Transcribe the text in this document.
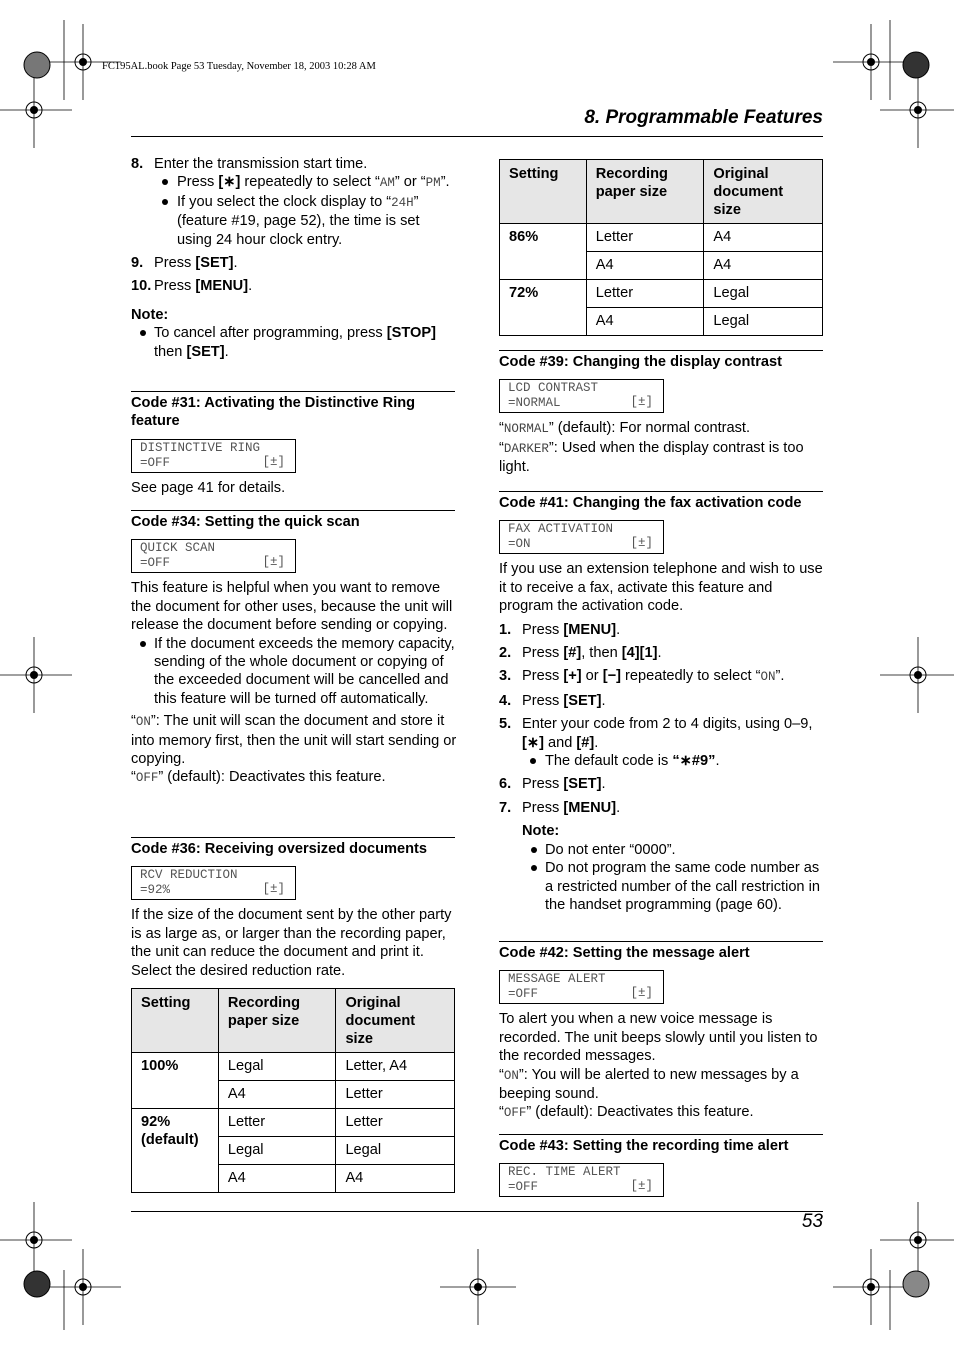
FC195AL.book Page 53 Tuesday, November 18, 2003 10:28 AM
8. Programmable Features
8. Enter the transmission start time.
Press [∗] repeatedly to select “AM” or “PM”.
If you select the clock display to “24H” (feature #19, page 52), the time is set using 24 hour clock entry.
9. Press [SET].
10. Press [MENU].
Note:
To cancel after programming, press [STOP] then [SET].
Code #31: Activating the Distinctive Ring feature
DISTINCTIVE RING
=OFF	[±]
See page 41 for details.
Code #34: Setting the quick scan
QUICK SCAN
=OFF	[±]
This feature is helpful when you want to remove the document for other uses, because the unit will release the document before sending or copying.
If the document exceeds the memory capacity, sending of the whole document or copying of the exceeded document will be cancelled and this feature will be turned off automatically.
“ON”: The unit will scan the document and store it into memory first, then the unit will start sending or copying.
“OFF” (default): Deactivates this feature.
Code #36: Receiving oversized documents
RCV REDUCTION
=92%	[±]
If the size of the document sent by the other party is as large as, or larger than the recording paper, the unit can reduce the document and print it. Select the desired reduction rate.
Setting	Recording paper size	Original document size
100%	Legal	Letter, A4
	A4	Letter
92% (default)	Letter	Letter
	Legal	Legal
	A4	A4
Setting	Recording paper size	Original document size
86%	Letter	A4
	A4	A4
72%	Letter	Legal
	A4	Legal
Code #39: Changing the display contrast
LCD CONTRAST
=NORMAL	[±]
“NORMAL” (default): For normal contrast.
“DARKER”: Used when the display contrast is too light.
Code #41: Changing the fax activation code
FAX ACTIVATION
=ON	[±]
If you use an extension telephone and wish to use it to receive a fax, activate this feature and program the activation code.
1. Press [MENU].
2. Press [#], then [4][1].
3. Press [+] or [−] repeatedly to select “ON”.
4. Press [SET].
5. Enter your code from 2 to 4 digits, using 0–9, [∗] and [#].
The default code is “∗#9”.
6. Press [SET].
7. Press [MENU].
Note:
Do not enter “0000”.
Do not program the same code number as a restricted number of the call restriction in the handset programming (page 60).
Code #42: Setting the message alert
MESSAGE ALERT
=OFF	[±]
To alert you when a new voice message is recorded. The unit beeps slowly until you listen to the recorded messages.
“ON”: You will be alerted to new messages by a beeping sound.
“OFF” (default): Deactivates this feature.
Code #43: Setting the recording time alert
REC. TIME ALERT
=OFF	[±]
53
